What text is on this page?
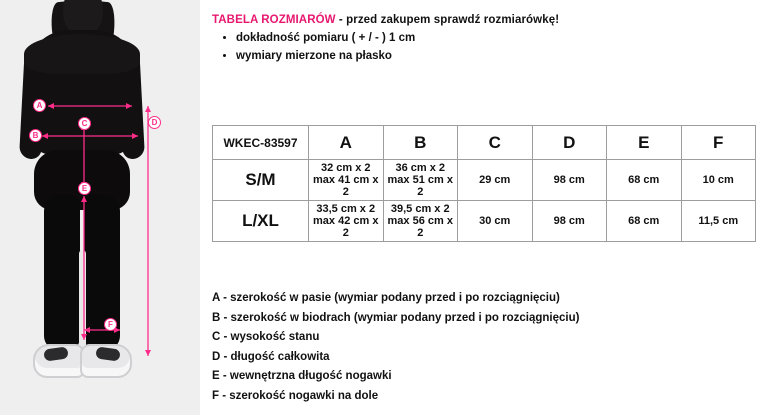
A
B
C	D
E
F
TABELA ROZMIARÓW - przed zakupem sprawdź rozmiarówkę!
• dokładność pomiaru ( + / - ) 1 cm
• wymiary mierzone na płasko
WKEC-83597	A	B	C	D	E	F
S/M	32 cm x 2 max 41 cm x 2	36 cm x 2 max 51 cm x 2	29 cm	98 cm	68 cm	10 cm
L/XL	33,5 cm x 2 max 42 cm x 2	39,5 cm x 2 max 56 cm x 2	30 cm	98 cm	68 cm	11,5 cm
A - szerokość w pasie (wymiar podany przed i po rozciągnięciu)
B - szerokość w biodrach (wymiar podany przed i po rozciągnięciu)
C - wysokość stanu
D - długość całkowita
E - wewnętrzna długość nogawki
F - szerokość nogawki na dole
